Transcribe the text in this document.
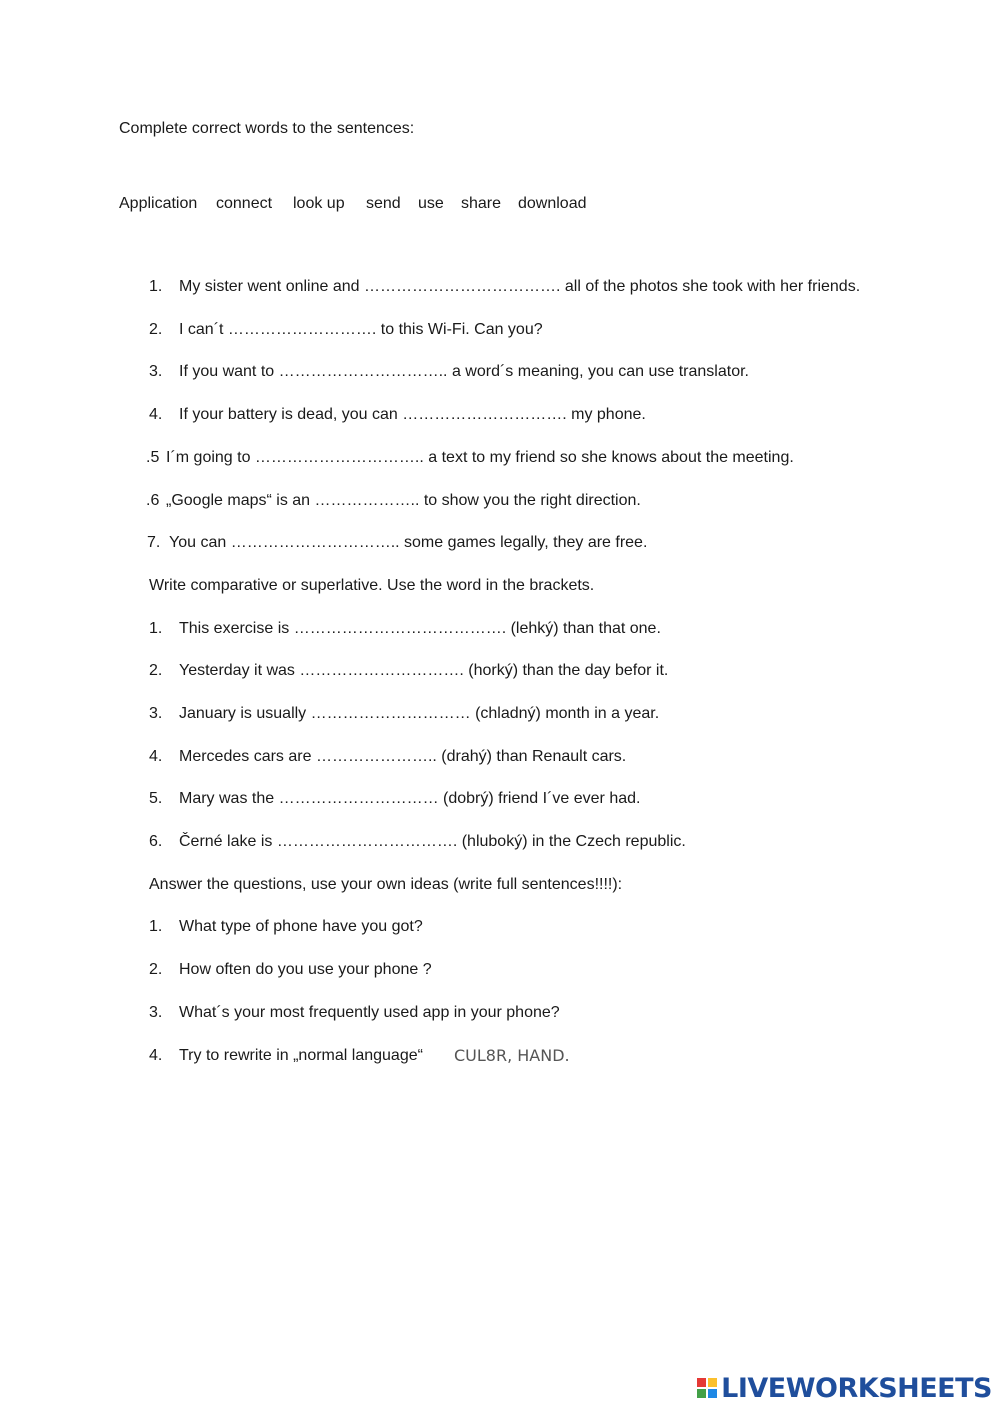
Complete correct words to the sentences:
Application connect look up send use share download
1. My sister went online and ………………………………. all of the photos she took with her friends.
2. I can´t ………………………. to this Wi-Fi. Can you?
3. If you want to ………………………….. a word´s meaning, you can use translator.
4. If your battery is dead, you can …………………………. my phone.
.5 I´m going to ………………………….. a text to my friend so she knows about the meeting.
.6 „Google maps“ is an ……………….. to show you the right direction.
7. You can ………………………….. some games legally, they are free.
Write comparative or superlative. Use the word in the brackets.
1. This exercise is …………………………………. (lehký) than that one.
2. Yesterday it was …………………………. (horký) than the day befor it.
3. January is usually ………………………… (chladný) month in a year.
4. Mercedes cars are ………………….. (drahý) than Renault cars.
5. Mary was the ………………………… (dobrý) friend I´ve ever had.
6. Černé lake is ……………………………. (hluboký) in the Czech republic.
Answer the questions, use your own ideas (write full sentences!!!!):
1. What type of phone have you got?
2. How often do you use your phone ?
3. What´s your most frequently used app in your phone?
4. Try to rewrite in „normal language“ CUL8R, HAND.
LIVEWORKSHEETS
